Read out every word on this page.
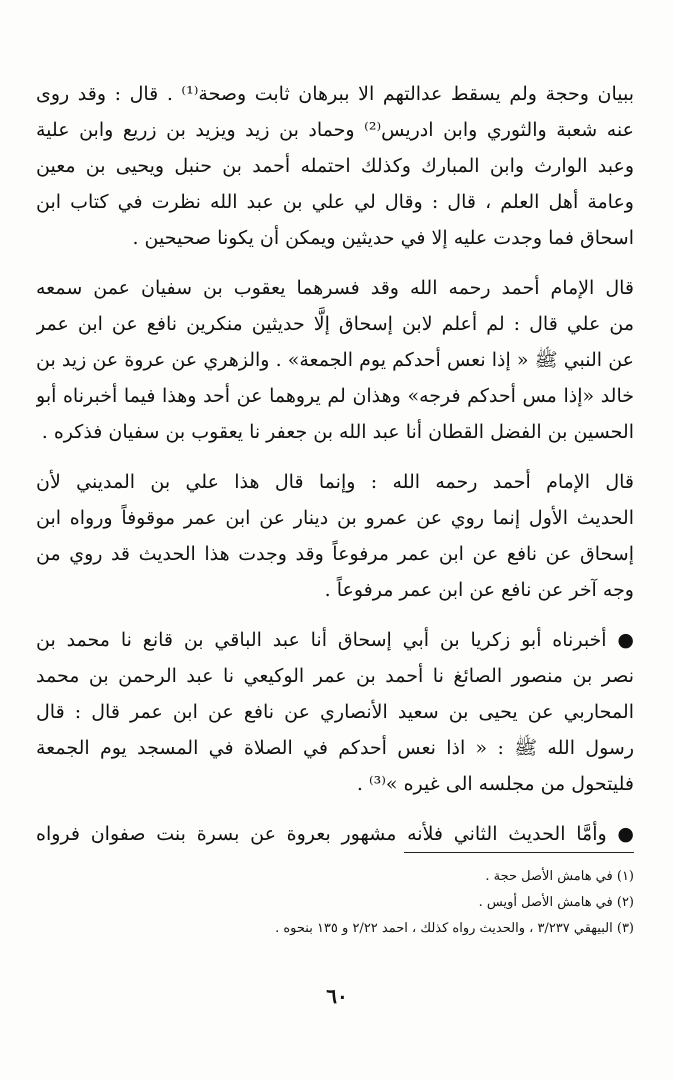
ببيان وحجة ولم يسقط عدالتهم الا ببرهان ثابت وصحة⁽¹⁾ . قال : وقد روى
عنه شعبة والثوري وابن ادريس⁽²⁾ وحماد بن زيد ويزيد بن زريع وابن علية
وعبد الوارث وابن المبارك وكذلك احتمله أحمد بن حنبل ويحيى بن معين
وعامة أهل العلم ، قال : وقال لي علي بن عبد الله نظرت في كتاب ابن
اسحاق فما وجدت عليه إلا في حديثين ويمكن أن يكونا صحيحين .
قال الإمام أحمد رحمه الله وقد فسرهما يعقوب بن سفيان عمن سمعه
من علي قال : لم أعلم لابن إسحاق إلَّا حديثين منكرين نافع عن ابن عمر
عن النبي ﷺ « إذا نعس أحدكم يوم الجمعة» . والزهري عن عروة عن زيد بن
خالد «إذا مس أحدكم فرجه» وهذان لم يروهما عن أحد وهذا فيما أخبرناه أبو
الحسين بن الفضل القطان أنا عبد الله بن جعفر نا يعقوب بن سفيان فذكره .
قال الإمام أحمد رحمه الله : وإنما قال هذا علي بن المديني لأن
الحديث الأول إنما روي عن عمرو بن دينار عن ابن عمر موقوفاً ورواه ابن
إسحاق عن نافع عن ابن عمر مرفوعاً وقد وجدت هذا الحديث قد روي من
وجه آخر عن نافع عن ابن عمر مرفوعاً .
● أخبرناه أبو زكريا بن أبي إسحاق أنا عبد الباقي بن قانع نا محمد بن
نصر بن منصور الصائغ نا أحمد بن عمر الوكيعي نا عبد الرحمن بن محمد
المحاربي عن يحيى بن سعيد الأنصاري عن نافع عن ابن عمر قال : قال
رسول الله ﷺ : « اذا نعس أحدكم في الصلاة في المسجد يوم الجمعة
فليتحول من مجلسه الى غيره »⁽³⁾ .
● وأمَّا الحديث الثاني فلأنه مشهور بعروة عن بسرة بنت صفوان فرواه
(١) في هامش الأصل حجة .
(٢) في هامش الأصل أويس .
(٣) البيهقي ٣/٢٣٧ ، والحديث رواه كذلك ، احمد ٢/٢٢ و ١٣٥ بنحوه .
٦٠
